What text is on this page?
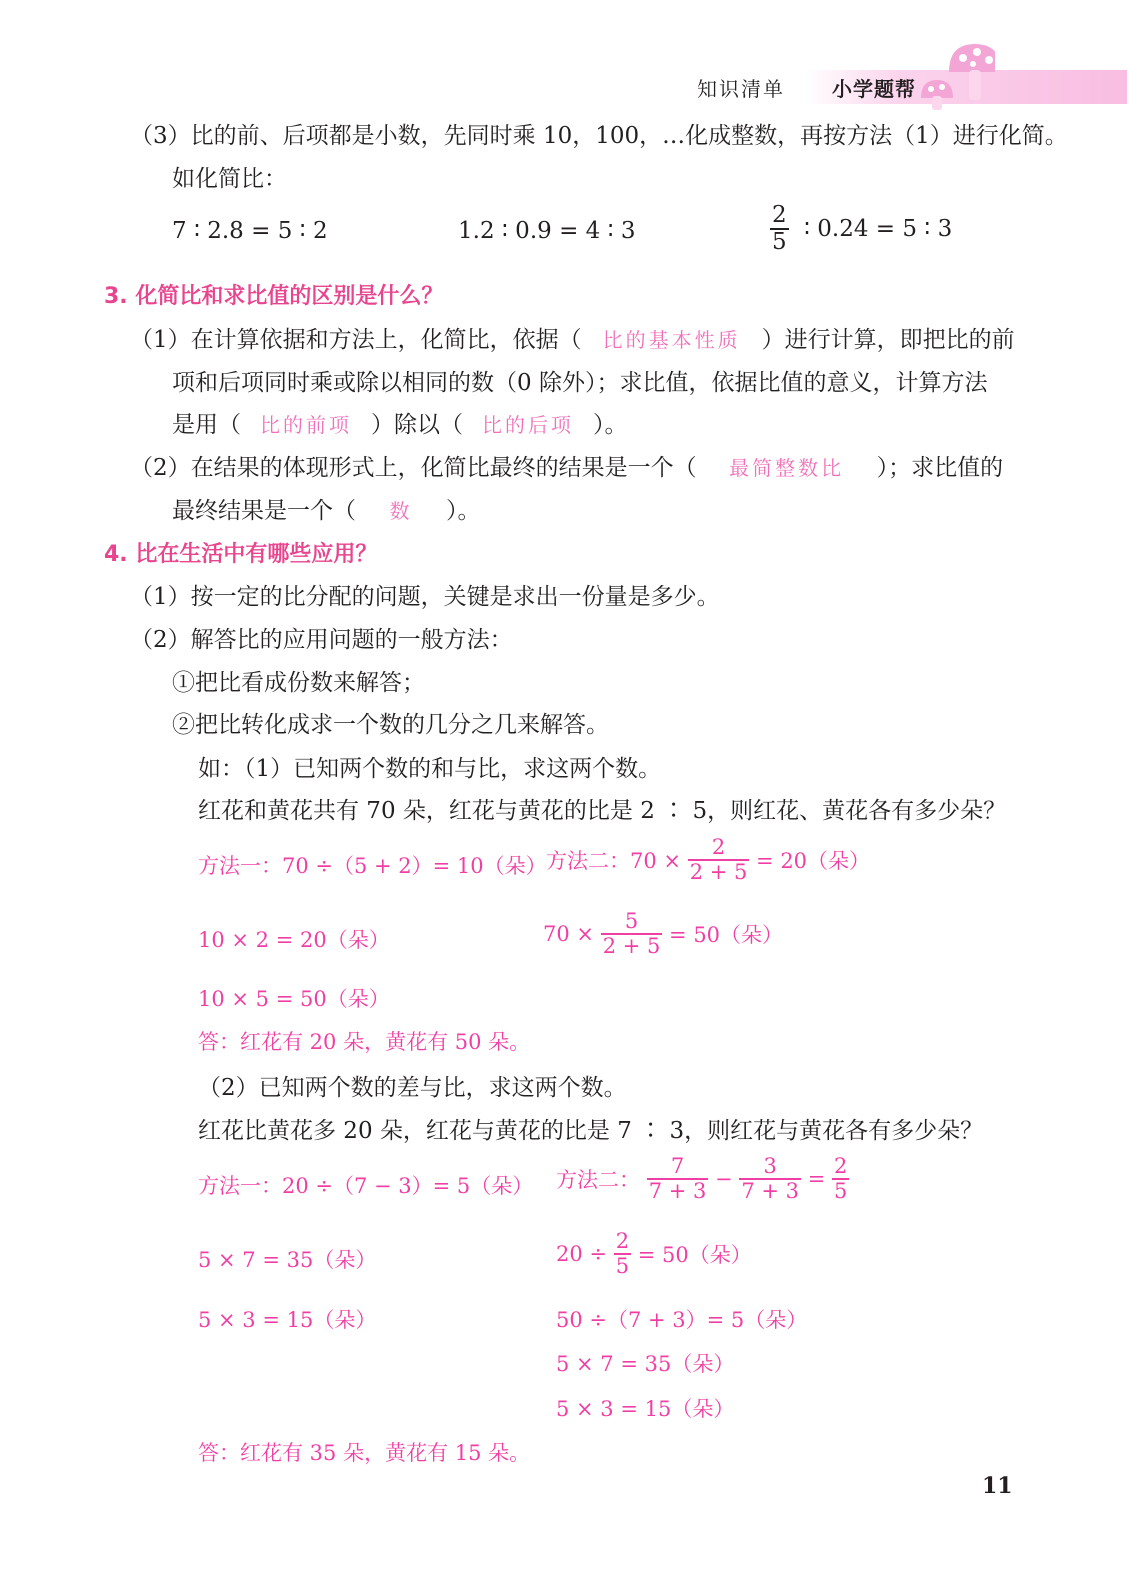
知识清单 小学题帮
（3）比的前、后项都是小数，先同时乘 10，100，…化成整数，再按方法（1）进行化简。
如化简比：
7 ∶ 2.8 = 5 ∶ 2	1.2 ∶ 0.9 = 4 ∶ 3	$\frac{2}{5}$ ∶ 0.24 = 5 ∶ 3
3. 化简比和求比值的区别是什么？
（1）在计算依据和方法上，化简比，依据（ 比的基本性质 ）进行计算，即把比的前
项和后项同时乘或除以相同的数（0 除外）；求比值，依据比值的意义，计算方法
是用（ 比的前项 ）除以（ 比的后项 ）。
（2）在结果的体现形式上，化简比最终的结果是一个（ 最简整数比 ）；求比值的
最终结果是一个（ 数 ）。
4. 比在生活中有哪些应用？
（1）按一定的比分配的问题，关键是求出一份量是多少。
（2）解答比的应用问题的一般方法：
①把比看成份数来解答；
②把比转化成求一个数的几分之几来解答。
如：（1）已知两个数的和与比，求这两个数。
红花和黄花共有 70 朵，红花与黄花的比是 2 ∶ 5，则红花、黄花各有多少朵？
方法一：70 ÷（5 + 2）= 10（朵） 方法二：$70 \times \frac{2}{2 + 5} = 20$（朵）
10 × 2 = 20（朵）	$70 \times \frac{5}{2 + 5} = 50$（朵）
10 × 5 = 50（朵）
答：红花有 20 朵，黄花有 50 朵。
（2）已知两个数的差与比，求这两个数。
红花比黄花多 20 朵，红花与黄花的比是 7 ∶ 3，则红花与黄花各有多少朵？
方法一：20 ÷（7 − 3）= 5（朵） 方法二： $\frac{7}{7 + 3} - \frac{3}{7 + 3} = \frac{2}{5}$
5 × 7 = 35（朵）	$20 \div \frac{2}{5} = 50$（朵）
5 × 3 = 15（朵）	50 ÷（7 + 3）= 5（朵）
5 × 7 = 35（朵）
5 × 3 = 15（朵）
答：红花有 35 朵，黄花有 15 朵。
11
